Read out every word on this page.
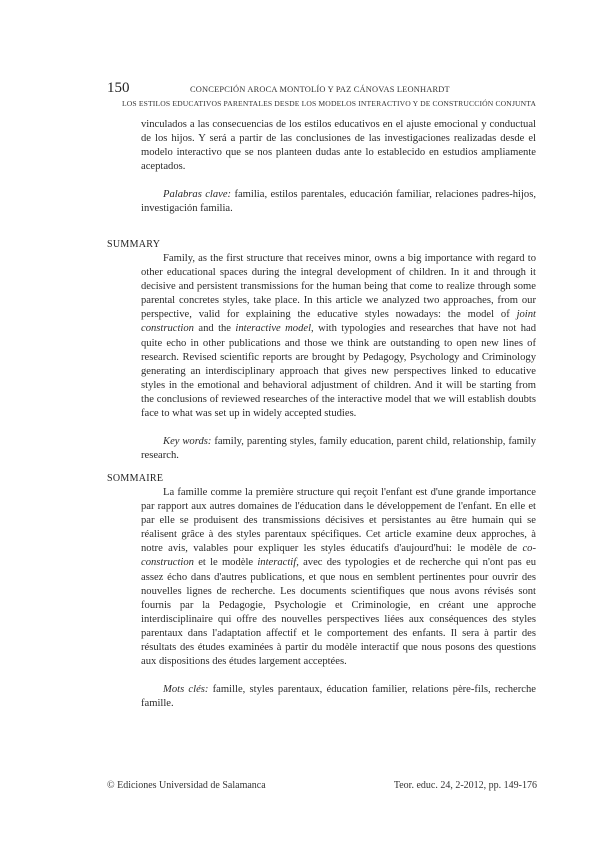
150	CONCEPCIÓN AROCA MONTOLÍO Y PAZ CÁNOVAS LEONHARDT
LOS ESTILOS EDUCATIVOS PARENTALES DESDE LOS MODELOS INTERACTIVO Y DE CONSTRUCCIÓN CONJUNTA

vinculados a las consecuencias de los estilos educativos en el ajuste emocional y conductual de los hijos. Y será a partir de las conclusiones de las investigaciones realizadas desde el modelo interactivo que se nos planteen dudas ante lo establecido en estudios ampliamente aceptados.

Palabras clave: familia, estilos parentales, educación familiar, relaciones padres-hijos, investigación familia.

SUMMARY

Family, as the first structure that receives minor, owns a big importance with regard to other educational spaces during the integral development of children. In it and through it decisive and persistent transmissions for the human being that come to realize through some parental concretes styles, take place. In this article we analyzed two approaches, from our perspective, valid for explaining the educative styles nowadays: the model of joint construction and the interactive model, with typologies and researches that have not had quite echo in other publications and those we think are outstanding to open new lines of research. Revised scientific reports are brought by Pedagogy, Psychology and Criminology generating an interdisciplinary approach that gives new perspectives linked to educative styles in the emotional and behavioral adjustment of children. And it will be starting from the conclusions of reviewed researches of the interactive model that we will establish doubts face to what was set up in widely accepted studies.

Key words: family, parenting styles, family education, parent child, relationship, family research.

SOMMAIRE

La famille comme la première structure qui reçoit l'enfant est d'une grande importance par rapport aux autres domaines de l'éducation dans le développement de l'enfant. En elle et par elle se produisent des transmissions décisives et persistantes au être humain qui se réalisent grâce à des styles parentaux spécifiques. Cet article examine deux approches, à notre avis, valables pour expliquer les styles éducatifs d'aujourd'hui: le modèle de co-construction et le modèle interactif, avec des typologies et de recherche qui n'ont pas eu assez écho dans d'autres publications, et que nous en semblent pertinentes pour ouvrir des nouvelles lignes de recherche. Les documents scientifiques que nous avons révisés sont fournis par la Pedagogie, Psychologie et Criminologie, en créant une approche interdisciplinaire qui offre des nouvelles perspectives liées aux conséquences des styles parentaux dans l'adaptation affectif et le comportement des enfants. Il sera à partir des résultats des études examinées à partir du modèle interactif que nous posons des questions aux dispositions des études largement acceptées.

Mots clés: famille, styles parentaux, éducation familier, relations père-fils, recherche famille.

© Ediciones Universidad de Salamanca	Teor. educ. 24, 2-2012, pp. 149-176
